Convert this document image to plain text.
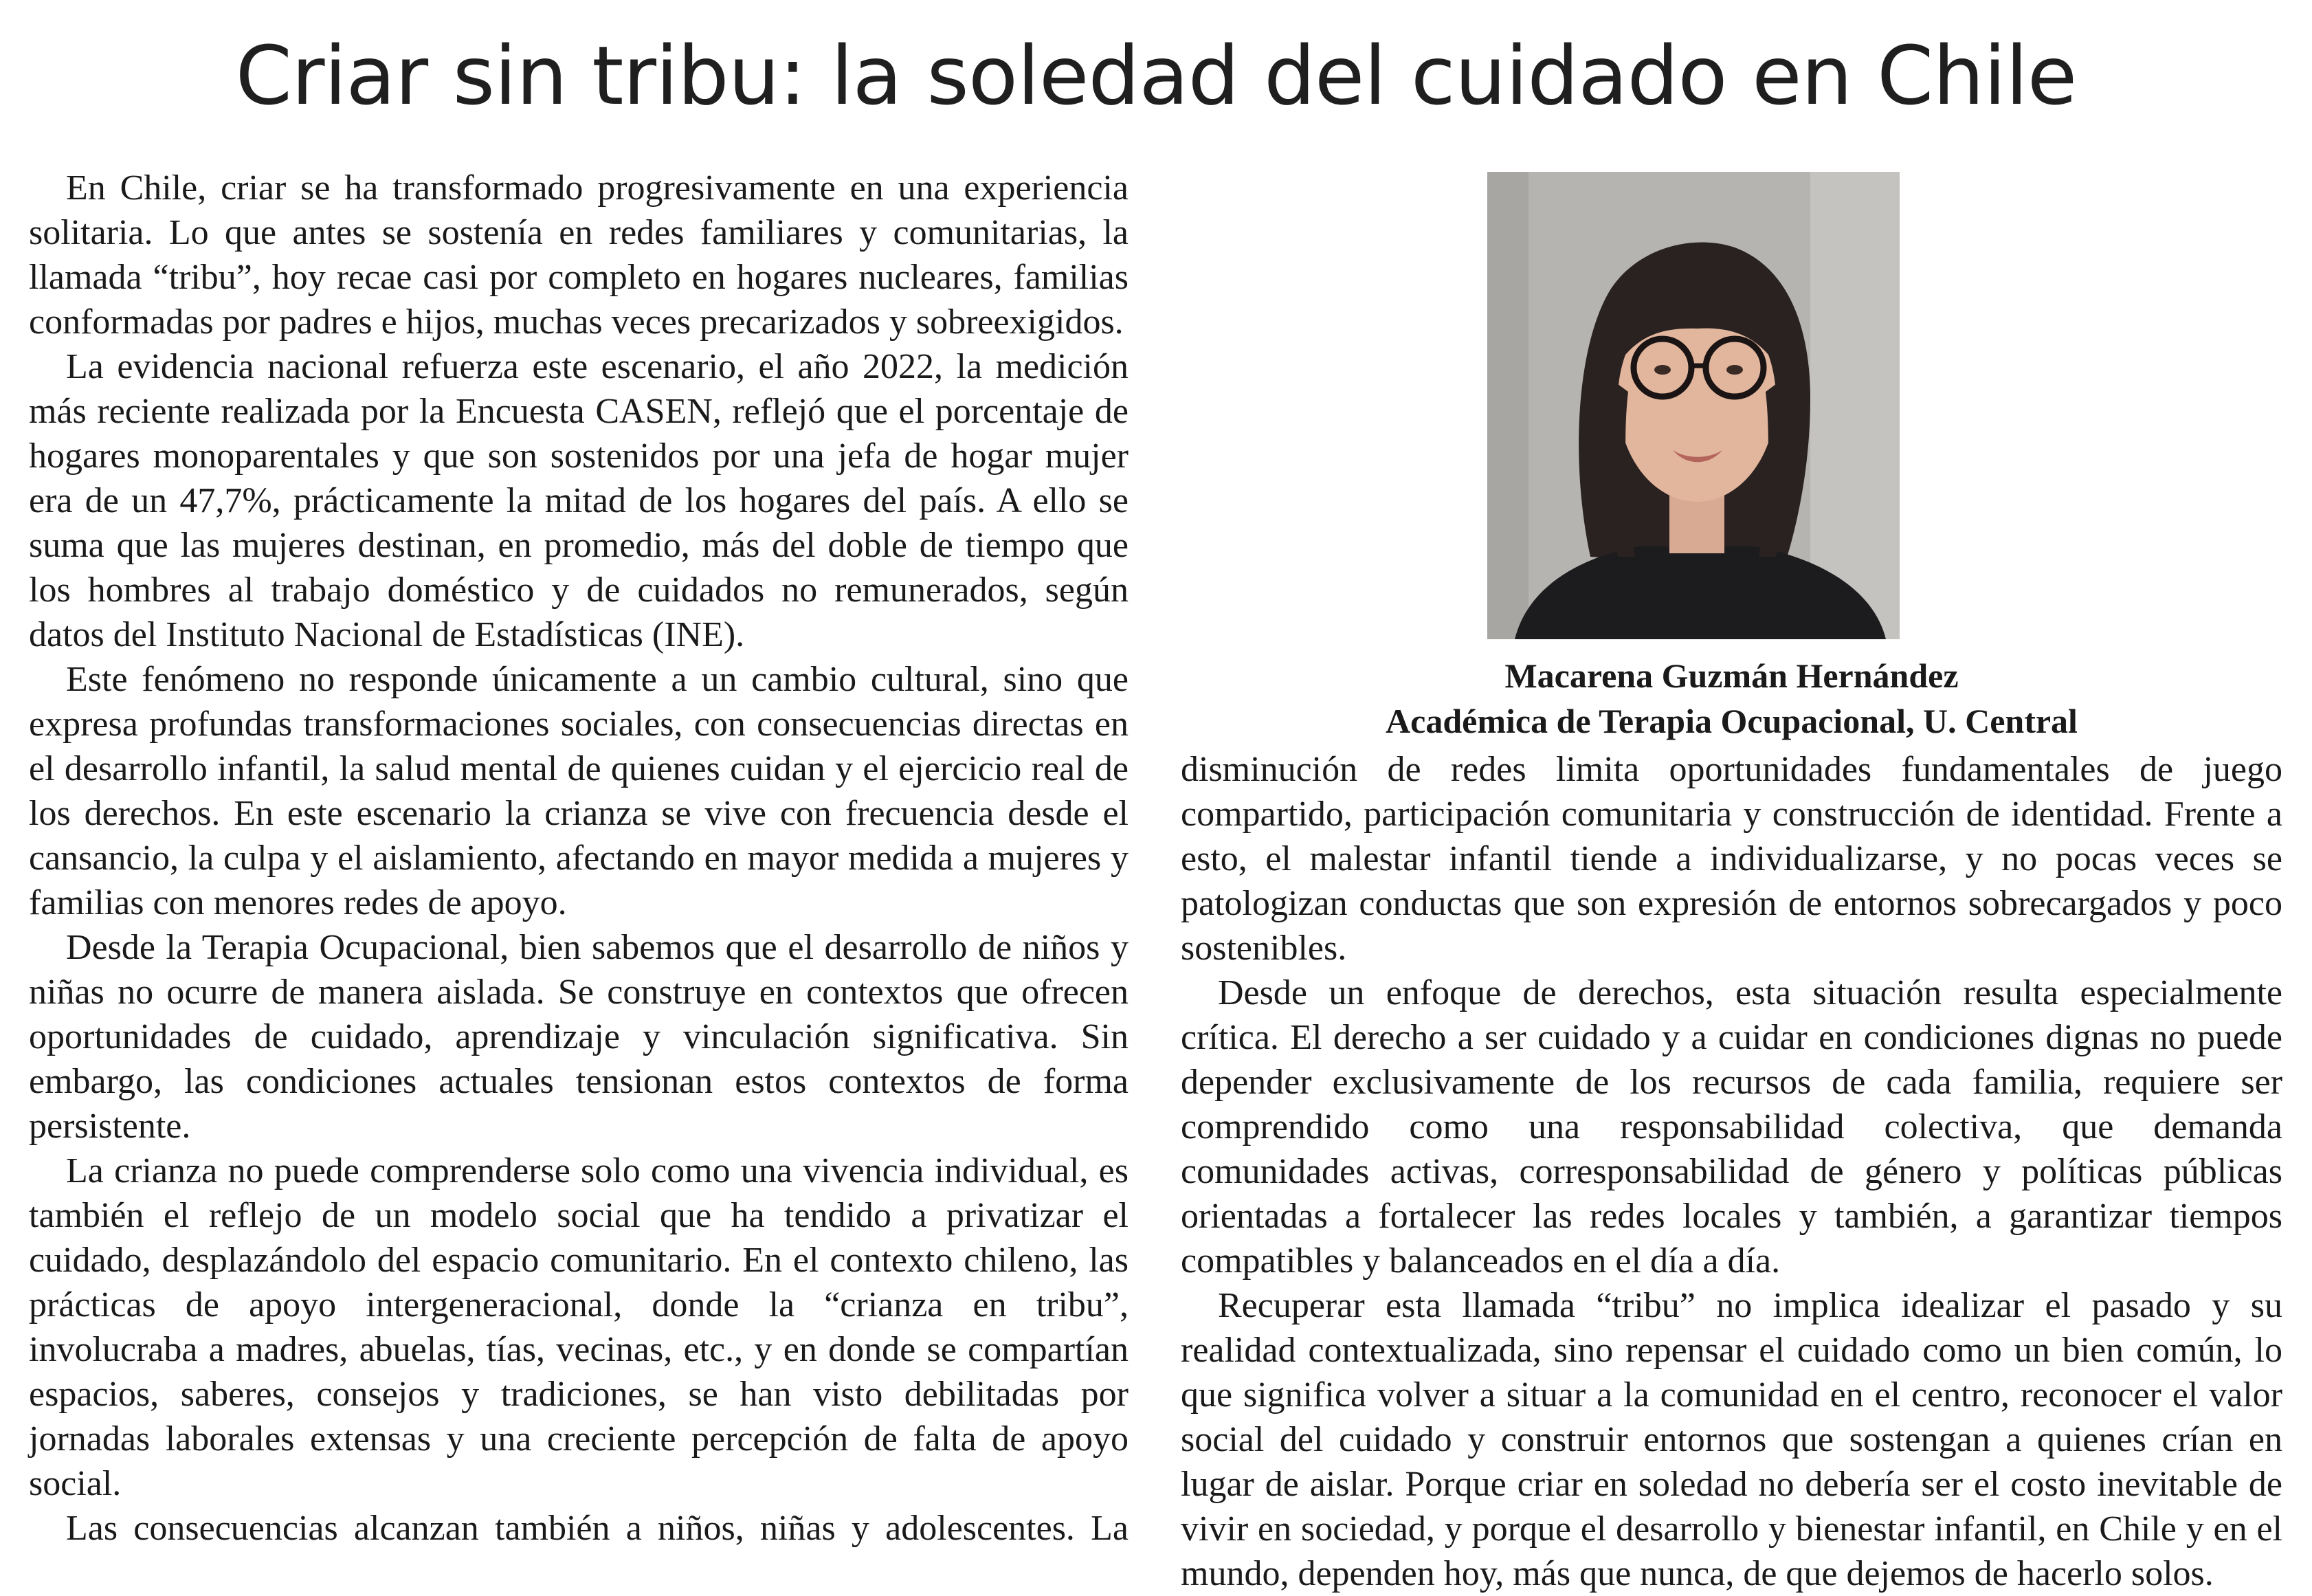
Criar sin tribu: la soledad del cuidado en Chile

En Chile, criar se ha transformado progresivamente en una experiencia solitaria. Lo que antes se sostenía en redes familiares y comunitarias, la llamada “tribu”, hoy recae casi por completo en hogares nucleares, familias conformadas por padres e hijos, muchas veces precarizados y sobreexigidos.

La evidencia nacional refuerza este escenario, el año 2022, la medición más reciente realizada por la Encuesta CASEN, reflejó que el porcentaje de hogares monoparentales y que son sostenidos por una jefa de hogar mujer era de un 47,7%, prácticamente la mitad de los hogares del país. A ello se suma que las mujeres destinan, en promedio, más del doble de tiempo que los hombres al trabajo doméstico y de cuidados no remunerados, según datos del Instituto Nacional de Estadísticas (INE).

Este fenómeno no responde únicamente a un cambio cultural, sino que expresa profundas transformaciones sociales, con consecuencias directas en el desarrollo infantil, la salud mental de quienes cuidan y el ejercicio real de los derechos. En este escenario la crianza se vive con frecuencia desde el cansancio, la culpa y el aislamiento, afectando en mayor medida a mujeres y familias con menores redes de apoyo.

Desde la Terapia Ocupacional, bien sabemos que el desarrollo de niños y niñas no ocurre de manera aislada. Se construye en contextos que ofrecen oportunidades de cuidado, aprendizaje y vinculación significativa. Sin embargo, las condiciones actuales tensionan estos contextos de forma persistente.

La crianza no puede comprenderse solo como una vivencia individual, es también el reflejo de un modelo social que ha tendido a privatizar el cuidado, desplazándolo del espacio comunitario. En el contexto chileno, las prácticas de apoyo intergeneracional, donde la “crianza en tribu”, involucraba a madres, abuelas, tías, vecinas, etc., y en donde se compartían espacios, saberes, consejos y tradiciones, se han visto debilitadas por jornadas laborales extensas y una creciente percepción de falta de apoyo social.

Las consecuencias alcanzan también a niños, niñas y adolescentes. La

Macarena Guzmán Hernández
Académica de Terapia Ocupacional, U. Central

disminución de redes limita oportunidades fundamentales de juego compartido, participación comunitaria y construcción de identidad. Frente a esto, el malestar infantil tiende a individualizarse, y no pocas veces se patologizan conductas que son expresión de entornos sobrecargados y poco sostenibles.

Desde un enfoque de derechos, esta situación resulta especialmente crítica. El derecho a ser cuidado y a cuidar en condiciones dignas no puede depender exclusivamente de los recursos de cada familia, requiere ser comprendido como una responsabilidad colectiva, que demanda comunidades activas, corresponsabilidad de género y políticas públicas orientadas a fortalecer las redes locales y también, a garantizar tiempos compatibles y balanceados en el día a día.

Recuperar esta llamada “tribu” no implica idealizar el pasado y su realidad contextualizada, sino repensar el cuidado como un bien común, lo que significa volver a situar a la comunidad en el centro, reconocer el valor social del cuidado y construir entornos que sostengan a quienes crían en lugar de aislar. Porque criar en soledad no debería ser el costo inevitable de vivir en sociedad, y porque el desarrollo y bienestar infantil, en Chile y en el mundo, dependen hoy, más que nunca, de que dejemos de hacerlo solos.
